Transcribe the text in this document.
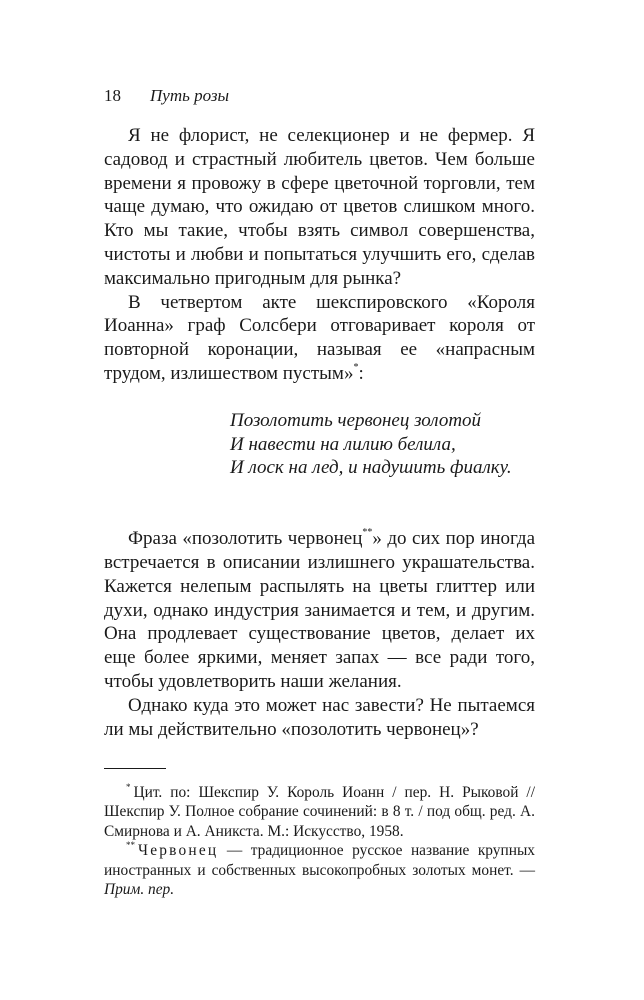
18 Путь розы

Я не флорист, не селекционер и не фермер. Я садовод и страстный любитель цветов. Чем больше времени я провожу в сфере цветочной торговли, тем чаще думаю, что ожидаю от цветов слишком много. Кто мы такие, чтобы взять символ совершенства, чистоты и любви и попытаться улучшить его, сделав максимально пригодным для рынка?

В четвертом акте шекспировского «Короля Иоанна» граф Солсбери отговаривает короля от повторной коронации, называя ее «напрасным трудом, излишеством пустым»*:

Позолотить червонец золотой
И навести на лилию белила,
И лоск на лед, и надушить фиалку.

Фраза «позолотить червонец**» до сих пор иногда встречается в описании излишнего украшательства. Кажется нелепым распылять на цветы глиттер или духи, однако индустрия занимается и тем, и другим. Она продлевает существование цветов, делает их еще более яркими, меняет запах — все ради того, чтобы удовлетворить наши желания.

Однако куда это может нас завести? Не пытаемся ли мы действительно «позолотить червонец»?

* Цит. по: Шекспир У. Король Иоанн / пер. Н. Рыковой // Шекспир У. Полное собрание сочинений: в 8 т. / под общ. ред. А. Смирнова и А. Аникста. М.: Искусство, 1958.

** Червонец — традиционное русское название крупных иностранных и собственных высокопробных золотых монет. — Прим. пер.
